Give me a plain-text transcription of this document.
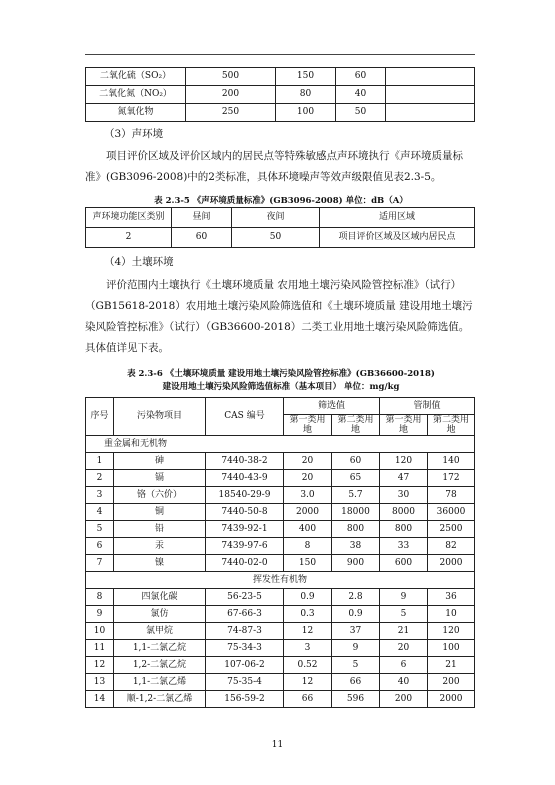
二氧化硫（SO₂）	500	150	60	
二氧化氮（NO₂）	200	80	40	
氮氧化物	250	100	50	
（3）声环境
项目评价区域及评价区域内的居民点等特殊敏感点声环境执行《声环境质量标准》(GB3096-2008)中的2类标准，具体环境噪声等效声级限值见表2.3-5。
表 2.3-5 《声环境质量标准》(GB3096-2008) 单位：dB（A）
声环境功能区类别	昼间	夜间	适用区域
2	60	50	项目评价区域及区域内居民点
（4）土壤环境
评价范围内土壤执行《土壤环境质量 农用地土壤污染风险管控标准》（试行）（GB15618-2018）农用地土壤污染风险筛选值和《土壤环境质量 建设用地土壤污染风险管控标准》（试行）（GB36600-2018）二类工业用地土壤污染风险筛选值。具体值详见下表。
表 2.3-6 《土壤环境质量 建设用地土壤污染风险管控标准》(GB36600-2018)
建设用地土壤污染风险筛选值标准（基本项目） 单位：mg/kg
序号	污染物项目	CAS 编号	筛选值		管制值	
			第一类用地	第二类用地	第一类用地	第二类用地
重金属和无机物						
1	砷	7440-38-2	20	60	120	140
2	镉	7440-43-9	20	65	47	172
3	铬（六价）	18540-29-9	3.0	5.7	30	78
4	铜	7440-50-8	2000	18000	8000	36000
5	铅	7439-92-1	400	800	800	2500
6	汞	7439-97-6	8	38	33	82
7	镍	7440-02-0	150	900	600	2000
挥发性有机物						
8	四氯化碳	56-23-5	0.9	2.8	9	36
9	氯仿	67-66-3	0.3	0.9	5	10
10	氯甲烷	74-87-3	12	37	21	120
11	1,1-二氯乙烷	75-34-3	3	9	20	100
12	1,2-二氯乙烷	107-06-2	0.52	5	6	21
13	1,1-二氯乙烯	75-35-4	12	66	40	200
14	顺-1,2-二氯乙烯	156-59-2	66	596	200	2000
11
